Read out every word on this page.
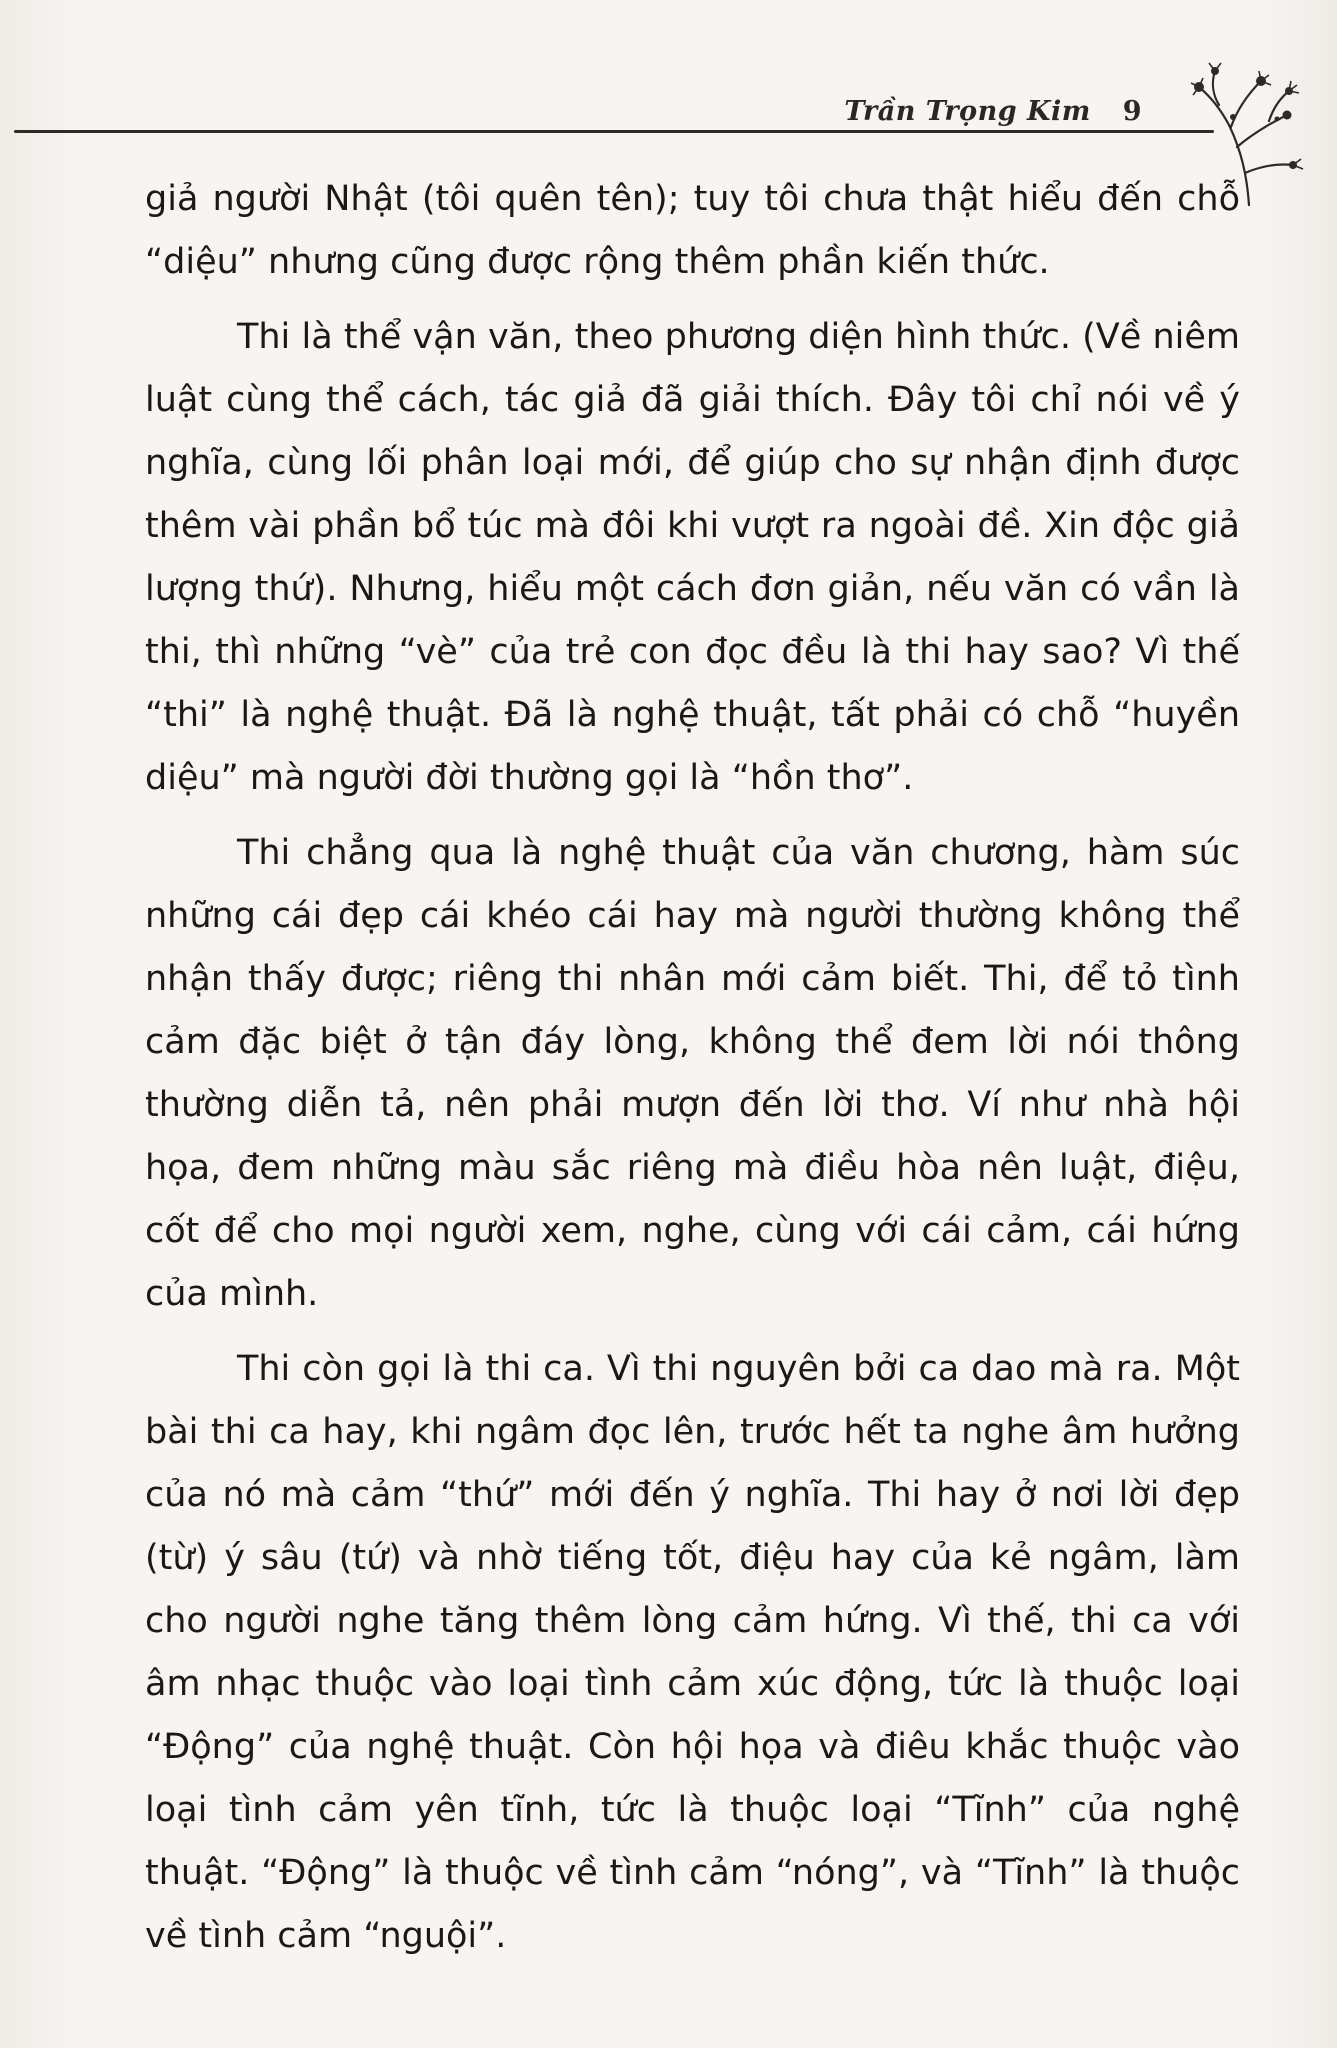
Trần Trọng Kim 9

giả người Nhật (tôi quên tên); tuy tôi chưa thật hiểu đến chỗ “diệu” nhưng cũng được rộng thêm phần kiến thức.

Thi là thể vận văn, theo phương diện hình thức. (Về niêm luật cùng thể cách, tác giả đã giải thích. Đây tôi chỉ nói về ý nghĩa, cùng lối phân loại mới, để giúp cho sự nhận định được thêm vài phần bổ túc mà đôi khi vượt ra ngoài đề. Xin độc giả lượng thứ). Nhưng, hiểu một cách đơn giản, nếu văn có vần là thi, thì những “vè” của trẻ con đọc đều là thi hay sao? Vì thế “thi” là nghệ thuật. Đã là nghệ thuật, tất phải có chỗ “huyền diệu” mà người đời thường gọi là “hồn thơ”.

Thi chẳng qua là nghệ thuật của văn chương, hàm súc những cái đẹp cái khéo cái hay mà người thường không thể nhận thấy được; riêng thi nhân mới cảm biết. Thi, để tỏ tình cảm đặc biệt ở tận đáy lòng, không thể đem lời nói thông thường diễn tả, nên phải mượn đến lời thơ. Ví như nhà hội họa, đem những màu sắc riêng mà điều hòa nên luật, điệu, cốt để cho mọi người xem, nghe, cùng với cái cảm, cái hứng của mình.

Thi còn gọi là thi ca. Vì thi nguyên bởi ca dao mà ra. Một bài thi ca hay, khi ngâm đọc lên, trước hết ta nghe âm hưởng của nó mà cảm “thứ” mới đến ý nghĩa. Thi hay ở nơi lời đẹp (từ) ý sâu (tứ) và nhờ tiếng tốt, điệu hay của kẻ ngâm, làm cho người nghe tăng thêm lòng cảm hứng. Vì thế, thi ca với âm nhạc thuộc vào loại tình cảm xúc động, tức là thuộc loại “Động” của nghệ thuật. Còn hội họa và điêu khắc thuộc vào loại tình cảm yên tĩnh, tức là thuộc loại “Tĩnh” của nghệ thuật. “Động” là thuộc về tình cảm “nóng”, và “Tĩnh” là thuộc về tình cảm “nguội”.
